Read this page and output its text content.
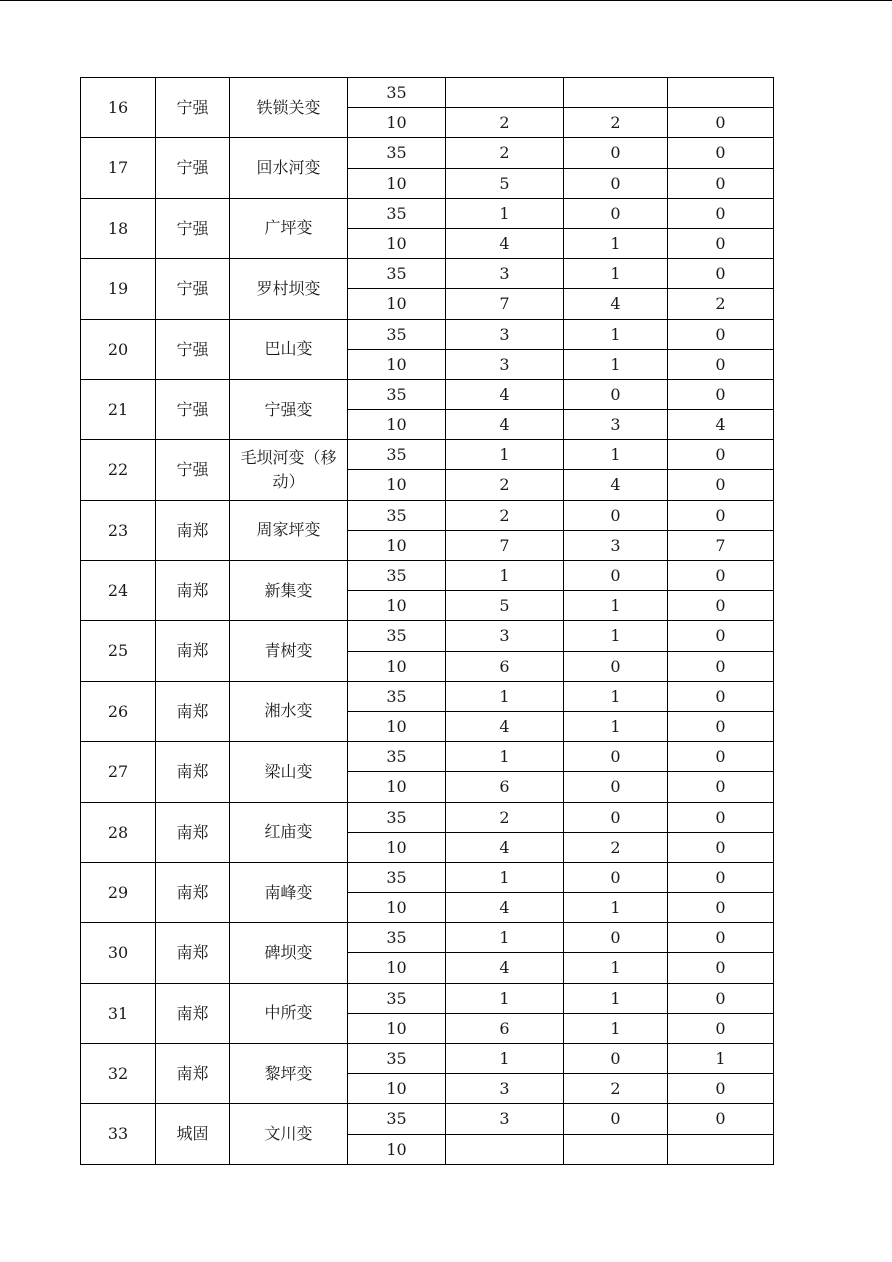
16	宁强	铁锁关变	35			
			10	2	2	0
17	宁强	回水河变	35	2	0	0
			10	5	0	0
18	宁强	广坪变	35	1	0	0
			10	4	1	0
19	宁强	罗村坝变	35	3	1	0
			10	7	4	2
20	宁强	巴山变	35	3	1	0
			10	3	1	0
21	宁强	宁强变	35	4	0	0
			10	4	3	4
22	宁强	毛坝河变（移动）	35	1	1	0
			10	2	4	0
23	南郑	周家坪变	35	2	0	0
			10	7	3	7
24	南郑	新集变	35	1	0	0
			10	5	1	0
25	南郑	青树变	35	3	1	0
			10	6	0	0
26	南郑	湘水变	35	1	1	0
			10	4	1	0
27	南郑	梁山变	35	1	0	0
			10	6	0	0
28	南郑	红庙变	35	2	0	0
			10	4	2	0
29	南郑	南峰变	35	1	0	0
			10	4	1	0
30	南郑	碑坝变	35	1	0	0
			10	4	1	0
31	南郑	中所变	35	1	1	0
			10	6	1	0
32	南郑	黎坪变	35	1	0	1
			10	3	2	0
33	城固	文川变	35	3	0	0
			10			
